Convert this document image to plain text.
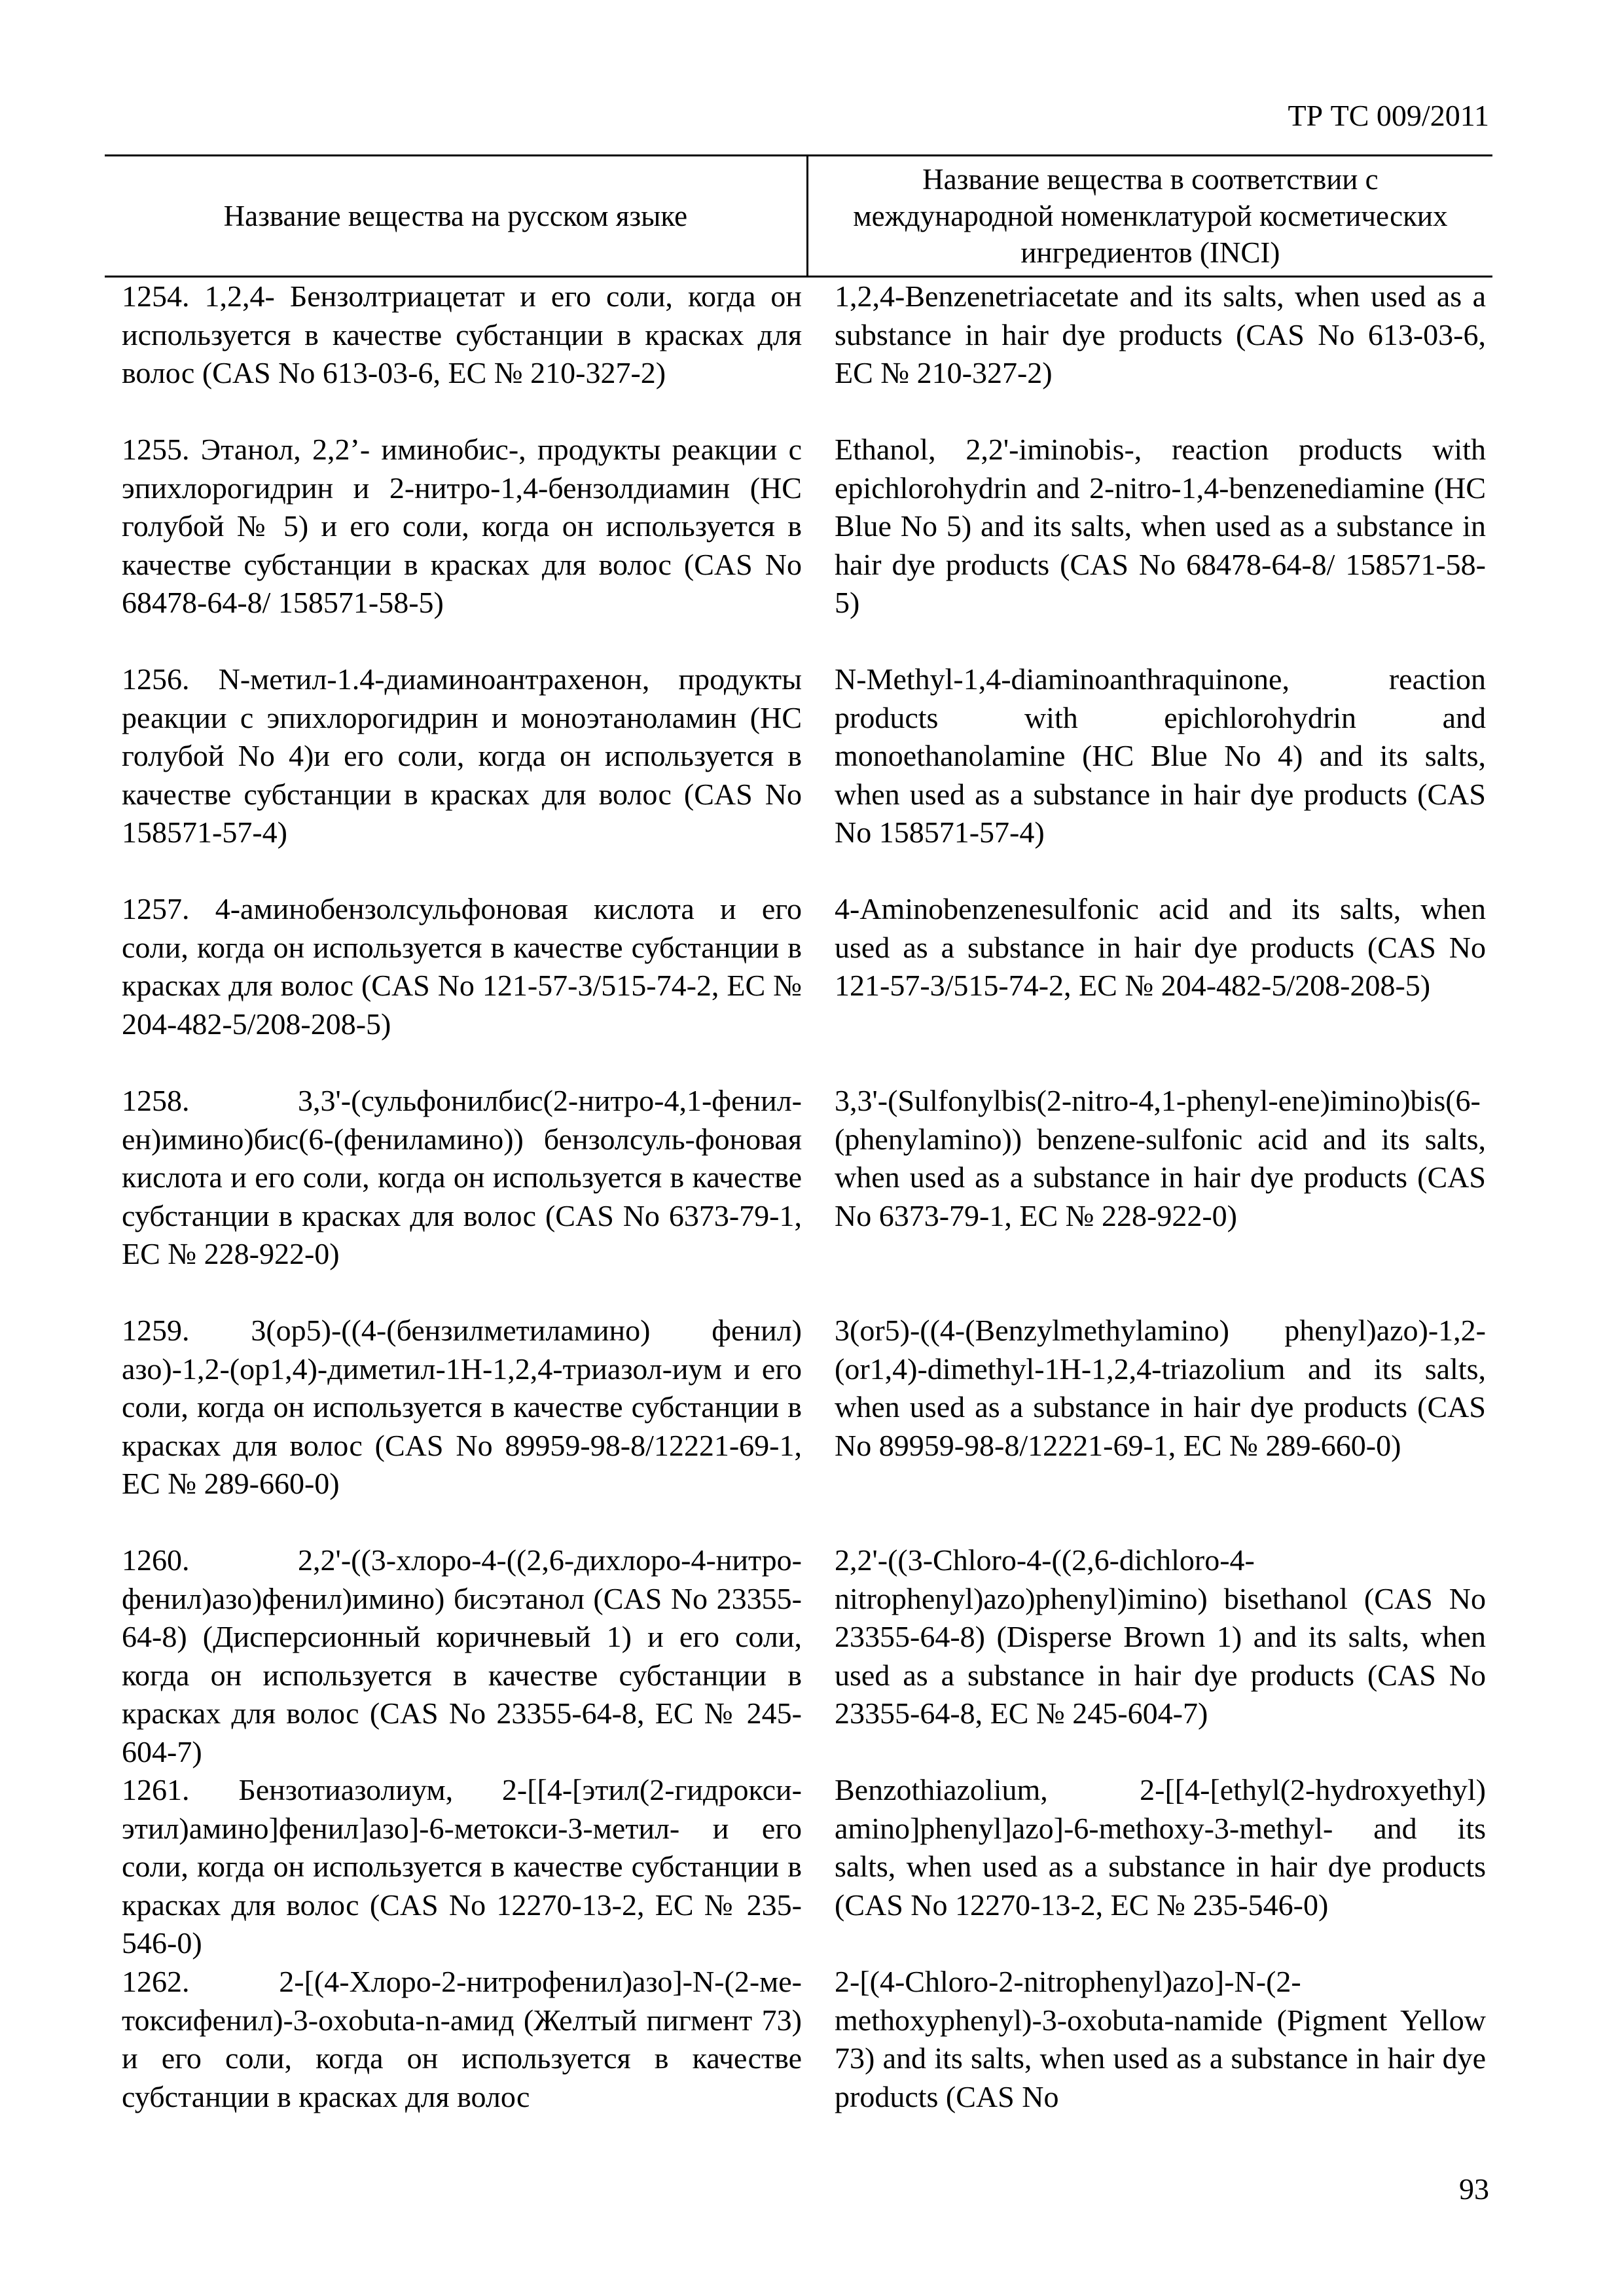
ТР ТС 009/2011
Название вещества на русском языке
Название вещества в соответствии с международной номенклатурой косметических ингредиентов (INCI)
1254. 1,2,4- Бензолтриацетат и его соли, когда он используется в качестве субстанции в красках для волос (CAS No 613-03-6, EC № 210-327-2)
1,2,4-Benzenetriacetate and its salts, when used as a substance in hair dye products (CAS No 613-03-6, EC № 210-327-2)
1255. Этанол, 2,2’- иминобис-, продукты реакции с эпихлорогидрин и 2-нитро-1,4-бензолдиамин (HC голубой № 5) и его соли, когда он используется в качестве субстанции в красках для волос (CAS No 68478-64-8/ 158571-58-5)
Ethanol, 2,2'-iminobis-, reaction products with epichlorohydrin and 2-nitro-1,4-benzenediamine (HC Blue No 5) and its salts, when used as a substance in hair dye products (CAS No 68478-64-8/ 158571-58-5)
1256. N-метил-1.4-диаминоантрахенон, продукты реакции с эпихлорогидрин и моноэтаноламин (HC голубой No 4)и его соли, когда он используется в качестве субстанции в красках для волос (CAS No 158571-57-4)
N-Methyl-1,4-diaminoanthraquinone, reaction products with epichlorohydrin and monoethanolamine (HC Blue No 4) and its salts, when used as a substance in hair dye products (CAS No 158571-57-4)
1257. 4-аминобензолсульфоновая кислота и его соли, когда он используется в качестве субстанции в красках для волос (CAS No 121-57-3/515-74-2, EC № 204-482-5/208-208-5)
4-Aminobenzenesulfonic acid and its salts, when used as a substance in hair dye products (CAS No 121-57-3/515-74-2, EC № 204-482-5/208-208-5)
1258. 3,3'-(сульфонилбис(2-нитро-4,1-фенил-ен)имино)бис(6-(фениламино)) бензолсуль-фоновая кислота и его соли, когда он используется в качестве субстанции в красках для волос (CAS No 6373-79-1, EC № 228-922-0)
3,3'-(Sulfonylbis(2-nitro-4,1-phenyl-ene)imino)bis(6-(phenylamino)) benzene-sulfonic acid and its salts, when used as a substance in hair dye products (CAS No 6373-79-1, EC № 228-922-0)
1259. 3(ор5)-((4-(бензилметиламино) фенил) азо)-1,2-(ор1,4)-диметил-1Н-1,2,4-триазол-иум и его соли, когда он используется в качестве субстанции в красках для волос (CAS No 89959-98-8/12221-69-1, EC № 289-660-0)
3(or5)-((4-(Benzylmethylamino) phenyl)azo)-1,2-(or1,4)-dimethyl-1H-1,2,4-triazolium and its salts, when used as a substance in hair dye products (CAS No 89959-98-8/12221-69-1, EC № 289-660-0)
1260. 2,2'-((3-хлоро-4-((2,6-дихлоро-4-нитро-фенил)азо)фенил)имино) бисэтанол (CAS No 23355-64-8) (Дисперсионный коричневый 1) и его соли, когда он используется в качестве субстанции в красках для волос (CAS No 23355-64-8, EC № 245-604-7)
2,2'-((3-Chloro-4-((2,6-dichloro-4-nitrophenyl)azo)phenyl)imino) bisethanol (CAS No 23355-64-8) (Disperse Brown 1) and its salts, when used as a substance in hair dye products (CAS No 23355-64-8, EC № 245-604-7)
1261. Бензотиазолиум, 2-[[4-[этил(2-гидрокси-этил)амино]фенил]азо]-6-метокси-3-метил- и его соли, когда он используется в качестве субстанции в красках для волос (CAS No 12270-13-2, EC № 235-546-0)
Benzothiazolium, 2-[[4-[ethyl(2-hydroxyethyl) amino]phenyl]azo]-6-methoxy-3-methyl- and its salts, when used as a substance in hair dye products (CAS No 12270-13-2, EC № 235-546-0)
1262. 2-[(4-Хлоро-2-нитрофенил)азо]-N-(2-ме-токсифенил)-3-оxobuta-n-амид (Желтый пигмент 73) и его соли, когда он используется в качестве субстанции в красках для волос
2-[(4-Chloro-2-nitrophenyl)azo]-N-(2-methoxyphenyl)-3-oxobuta-namide (Pigment Yellow 73) and its salts, when used as a substance in hair dye products (CAS No
93
